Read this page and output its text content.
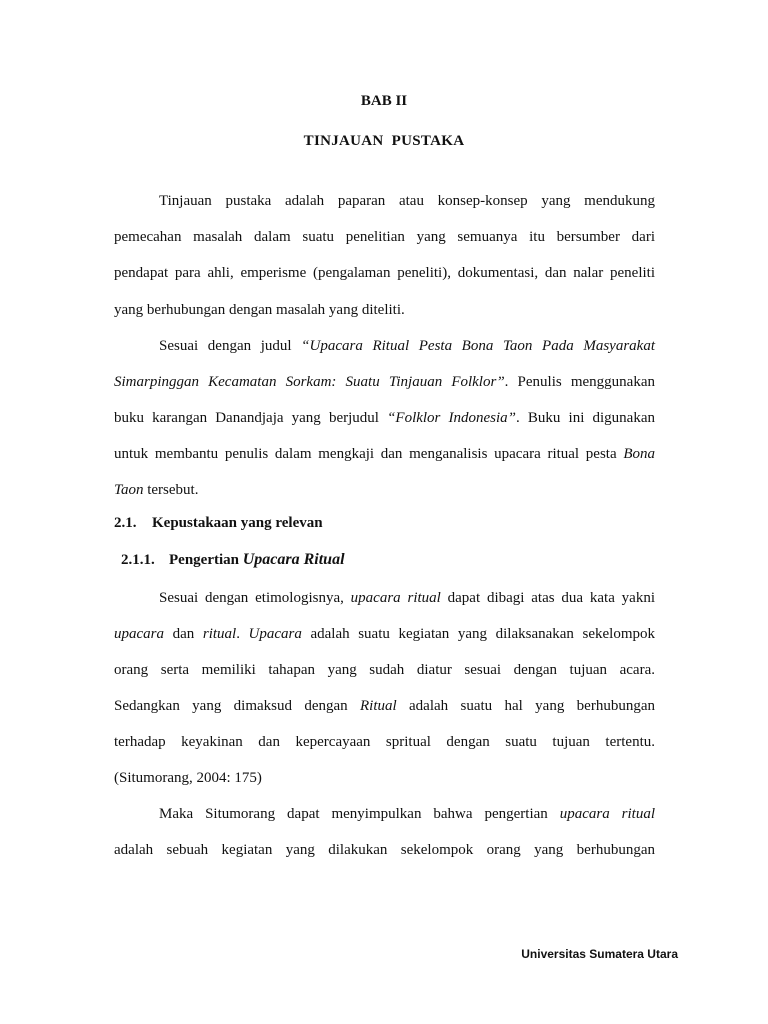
BAB II
TINJAUAN  PUSTAKA

Tinjauan pustaka adalah paparan atau konsep-konsep yang mendukung

pemecahan masalah dalam suatu penelitian yang semuanya itu bersumber dari

pendapat para ahli, emperisme (pengalaman peneliti), dokumentasi, dan nalar peneliti

yang berhubungan dengan masalah yang diteliti.

Sesuai dengan judul “Upacara Ritual Pesta Bona Taon Pada Masyarakat

Simarpinggan Kecamatan Sorkam: Suatu Tinjauan Folklor”. Penulis menggunakan

buku karangan Danandjaja yang berjudul “Folklor Indonesia”. Buku ini digunakan

untuk membantu penulis dalam mengkaji dan menganalisis upacara ritual pesta Bona

Taon tersebut.

2.1. Kepustakaan yang relevan
2.1.1. Pengertian Upacara Ritual

Sesuai dengan etimologisnya, upacara ritual dapat dibagi atas dua kata yakni

upacara dan ritual. Upacara adalah suatu kegiatan yang dilaksanakan sekelompok

orang serta memiliki tahapan yang sudah diatur sesuai dengan tujuan acara.

Sedangkan yang dimaksud dengan Ritual adalah suatu hal yang berhubungan

terhadap keyakinan dan kepercayaan spritual dengan suatu tujuan tertentu.

(Situmorang, 2004: 175)

Maka Situmorang dapat menyimpulkan bahwa pengertian upacara ritual

adalah sebuah kegiatan yang dilakukan sekelompok orang yang berhubungan

Universitas Sumatera Utara
